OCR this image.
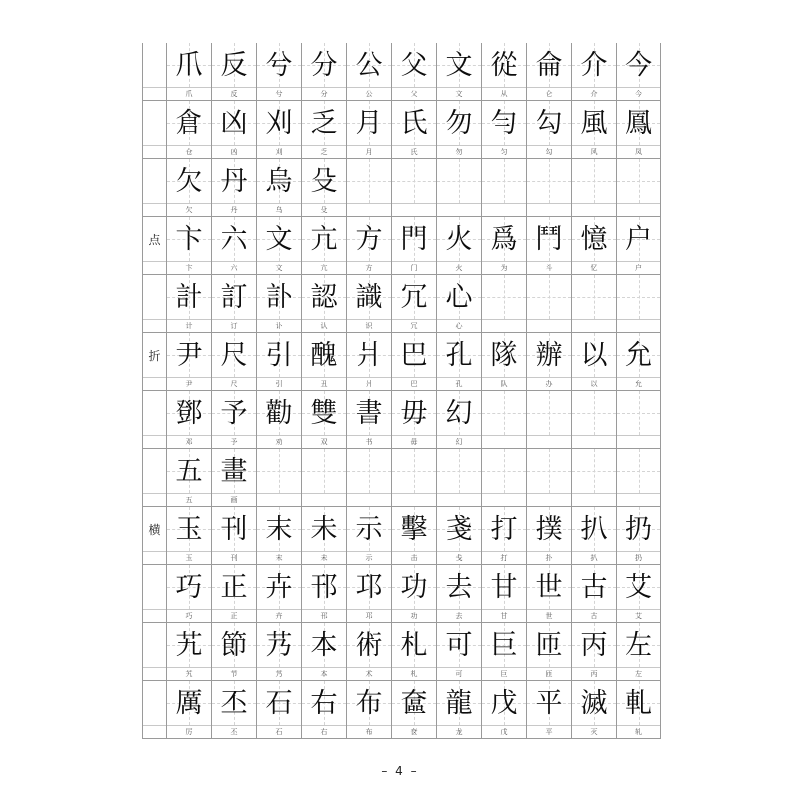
爪
爪
反
反
兮
兮
分
分
公
公
父
父
文
文
從
从
侖
仑
介
介
今
今
倉
仓
凶
凶
刈
刈
乏
乏
月
月
氏
氏
勿
勿
勻
匀
勾
勾
風
风
鳳
凤
欠
欠
丹
丹
烏
乌
殳
殳
点 卞
卞
六
六
文
文
亢
亢
方
方
門
门
火
火
爲
为
鬥
斗
憶
忆
户
户
計
计
訂
订
訃
讣
認
认
識
识
冗
冗
心
心
折 尹
尹
尺
尺
引
引
醜
丑
爿
爿
巴
巴
孔
孔
隊
队
辦
办
以
以
允
允
鄧
邓
予
予
勸
劝
雙
双
書
书
毋
毋
幻
幻
五
五
畫
画
横 玉
玉
刊
刊
末
末
未
未
示
示
擊
击
戔
戋
打
打
撲
扑
扒
扒
扔
扔
巧
巧
正
正
卉
卉
邗
邗
邛
邛
功
功
去
去
甘
甘
世
世
古
古
艾
艾
艽
艽
節
节
艿
艿
本
本
術
术
札
札
可
可
巨
巨
匝
匝
丙
丙
左
左
厲
厉
丕
丕
石
石
右
右
布
布
奩
奁
龍
龙
戊
戊
平
平
滅
灭
軋
轧
– 4 –
